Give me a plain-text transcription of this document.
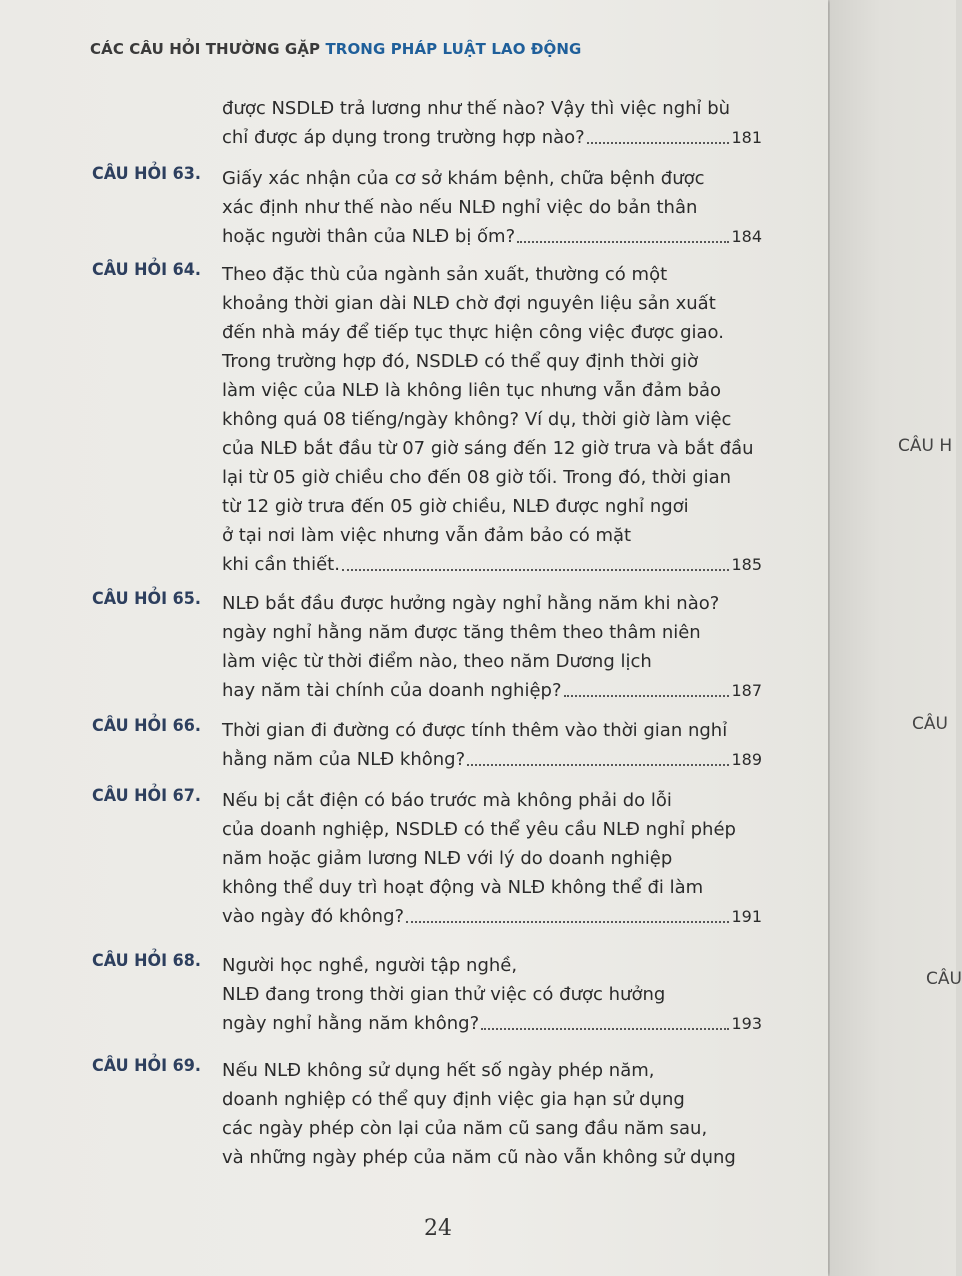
CÁC CÂU HỎI THƯỜNG GẶP TRONG PHÁP LUẬT LAO ĐỘNG
được NSDLĐ trả lương như thế nào? Vậy thì việc nghỉ bù
chỉ được áp dụng trong trường hợp nào?	181
CÂU HỎI 63. Giấy xác nhận của cơ sở khám bệnh, chữa bệnh được
xác định như thế nào nếu NLĐ nghỉ việc do bản thân
hoặc người thân của NLĐ bị ốm?	184
CÂU HỎI 64. Theo đặc thù của ngành sản xuất, thường có một
khoảng thời gian dài NLĐ chờ đợi nguyên liệu sản xuất
đến nhà máy để tiếp tục thực hiện công việc được giao.
Trong trường hợp đó, NSDLĐ có thể quy định thời giờ
làm việc của NLĐ là không liên tục nhưng vẫn đảm bảo
không quá 08 tiếng/ngày không? Ví dụ, thời giờ làm việc
của NLĐ bắt đầu từ 07 giờ sáng đến 12 giờ trưa và bắt đầu
lại từ 05 giờ chiều cho đến 08 giờ tối. Trong đó, thời gian
từ 12 giờ trưa đến 05 giờ chiều, NLĐ được nghỉ ngơi
ở tại nơi làm việc nhưng vẫn đảm bảo có mặt
khi cần thiết.	185
CÂU HỎI 65. NLĐ bắt đầu được hưởng ngày nghỉ hằng năm khi nào?
ngày nghỉ hằng năm được tăng thêm theo thâm niên
làm việc từ thời điểm nào, theo năm Dương lịch
hay năm tài chính của doanh nghiệp?	187
CÂU HỎI 66. Thời gian đi đường có được tính thêm vào thời gian nghỉ
hằng năm của NLĐ không?	189
CÂU HỎI 67. Nếu bị cắt điện có báo trước mà không phải do lỗi
của doanh nghiệp, NSDLĐ có thể yêu cầu NLĐ nghỉ phép
năm hoặc giảm lương NLĐ với lý do doanh nghiệp
không thể duy trì hoạt động và NLĐ không thể đi làm
vào ngày đó không?	191
CÂU HỎI 68. Người học nghề, người tập nghề,
NLĐ đang trong thời gian thử việc có được hưởng
ngày nghỉ hằng năm không?	193
CÂU HỎI 69. Nếu NLĐ không sử dụng hết số ngày phép năm,
doanh nghiệp có thể quy định việc gia hạn sử dụng
các ngày phép còn lại của năm cũ sang đầu năm sau,
và những ngày phép của năm cũ nào vẫn không sử dụng
24
CÂU H
CÂU
CÂU
